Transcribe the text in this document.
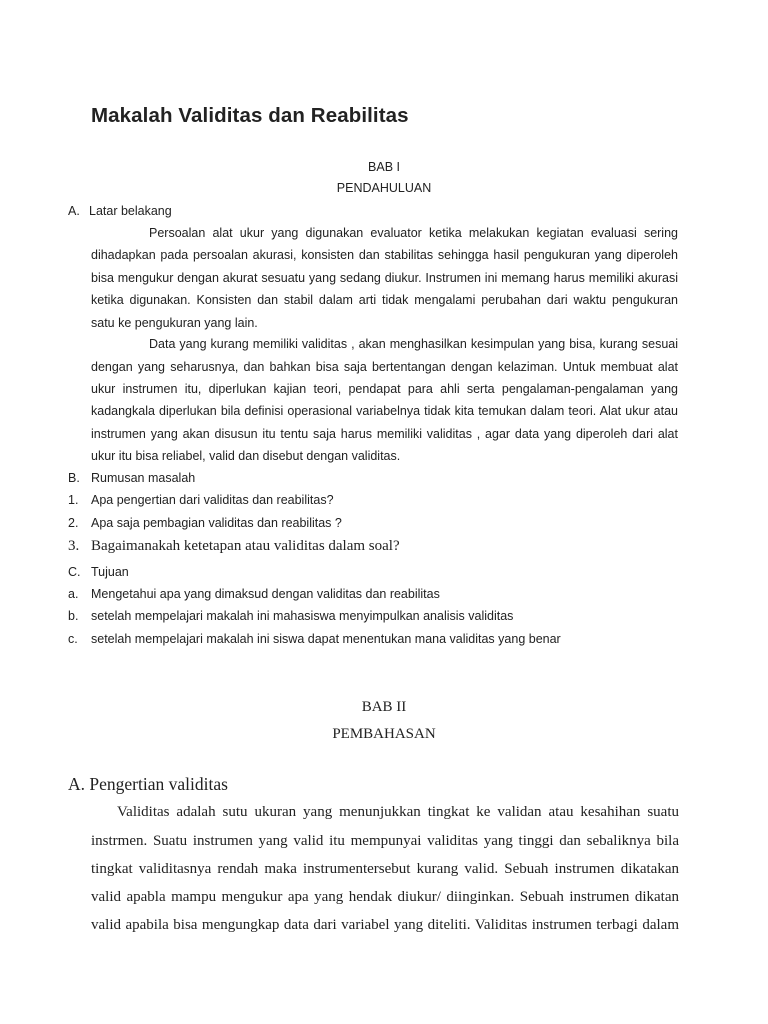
Makalah Validitas dan Reabilitas
BAB I
PENDAHULUAN
A. Latar belakang
Persoalan alat ukur yang digunakan evaluator ketika melakukan kegiatan evaluasi sering
dihadapkan pada persoalan akurasi, konsisten dan stabilitas sehingga hasil pengukuran yang diperoleh
bisa mengukur dengan akurat sesuatu yang sedang diukur. Instrumen ini memang harus memiliki akurasi
ketika digunakan. Konsisten dan stabil dalam arti tidak mengalami perubahan dari waktu pengukuran
satu ke pengukuran yang lain.
Data yang kurang memiliki validitas , akan menghasilkan kesimpulan yang bisa, kurang sesuai
dengan yang seharusnya, dan bahkan bisa saja bertentangan dengan kelaziman. Untuk membuat alat
ukur instrumen itu, diperlukan kajian teori, pendapat para ahli serta pengalaman-pengalaman yang
kadangkala diperlukan bila definisi operasional variabelnya tidak kita temukan dalam teori. Alat ukur atau
instrumen yang akan disusun itu tentu saja harus memiliki validitas , agar data yang diperoleh dari alat
ukur itu bisa reliabel, valid dan disebut dengan validitas.
B. Rumusan masalah
1. Apa pengertian dari validitas dan reabilitas?
2. Apa saja pembagian validitas dan reabilitas ?
3. Bagaimanakah ketetapan atau validitas dalam soal?
C. Tujuan
a. Mengetahui apa yang dimaksud dengan validitas dan reabilitas
b. setelah mempelajari makalah ini mahasiswa menyimpulkan analisis validitas
c. setelah mempelajari makalah ini siswa dapat menentukan mana validitas yang benar
BAB II
PEMBAHASAN
A. Pengertian validitas
Validitas adalah sutu ukuran yang menunjukkan tingkat ke validan atau kesahihan suatu
instrmen. Suatu instrumen yang valid itu mempunyai validitas yang tinggi dan sebaliknya bila
tingkat validitasnya rendah maka instrumentersebut kurang valid. Sebuah instrumen dikatakan
valid apabla mampu mengukur apa yang hendak diukur/ diinginkan. Sebuah instrumen dikatan
valid apabila bisa mengungkap data dari variabel yang diteliti. Validitas instrumen terbagi dalam
